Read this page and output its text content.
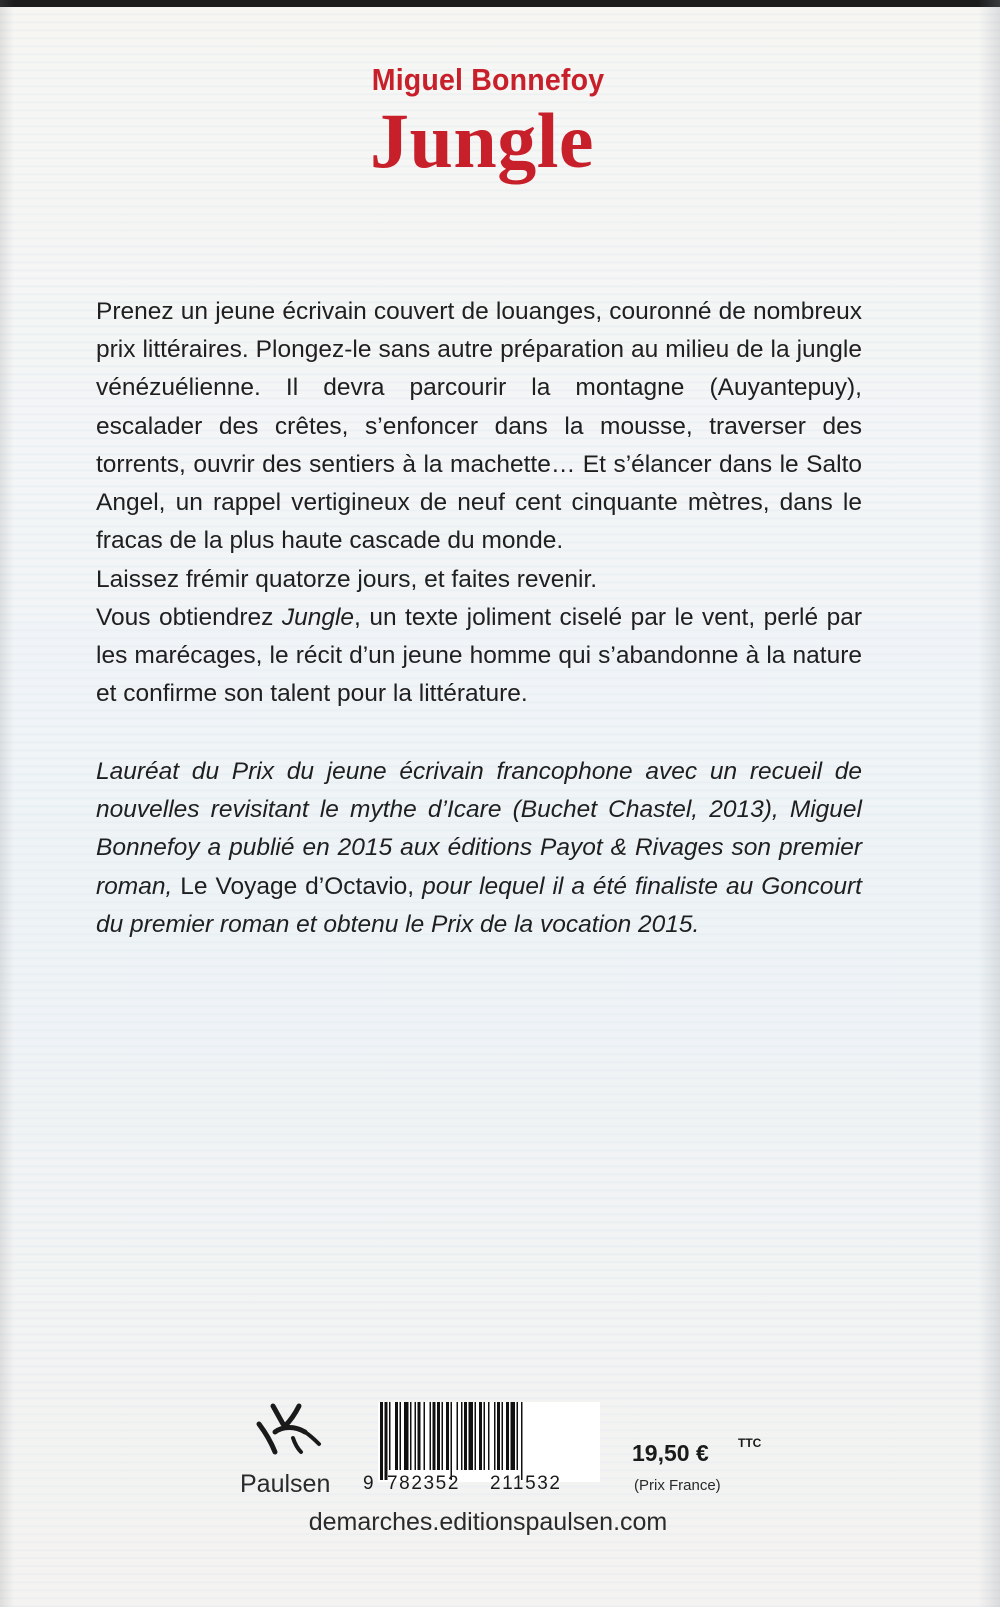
Miguel Bonnefoy
Jungle

Prenez un jeune écrivain couvert de louanges, couronné de nombreux prix littéraires. Plongez-le sans autre préparation au milieu de la jungle vénézuélienne. Il devra parcourir la montagne (Auyantepuy), escalader des crêtes, s’enfoncer dans la mousse, traverser des torrents, ouvrir des sentiers à la machette… Et s’élancer dans le Salto Angel, un rappel vertigineux de neuf cent cinquante mètres, dans le fracas de la plus haute cascade du monde.

Laissez frémir quatorze jours, et faites revenir.

Vous obtiendrez Jungle, un texte joliment ciselé par le vent, perlé par les marécages, le récit d’un jeune homme qui s’abandonne à la nature et confirme son talent pour la littérature.

Lauréat du Prix du jeune écrivain francophone avec un recueil de nouvelles revisitant le mythe d’Icare (Buchet Chastel, 2013), Miguel Bonnefoy a publié en 2015 aux éditions Payot & Rivages son premier roman, Le Voyage d’Octavio, pour lequel il a été finaliste au Goncourt du premier roman et obtenu le Prix de la vocation 2015.

Paulsen 9 782352 211532
19,50 € TTC
(Prix France)
demarches.editionspaulsen.com
